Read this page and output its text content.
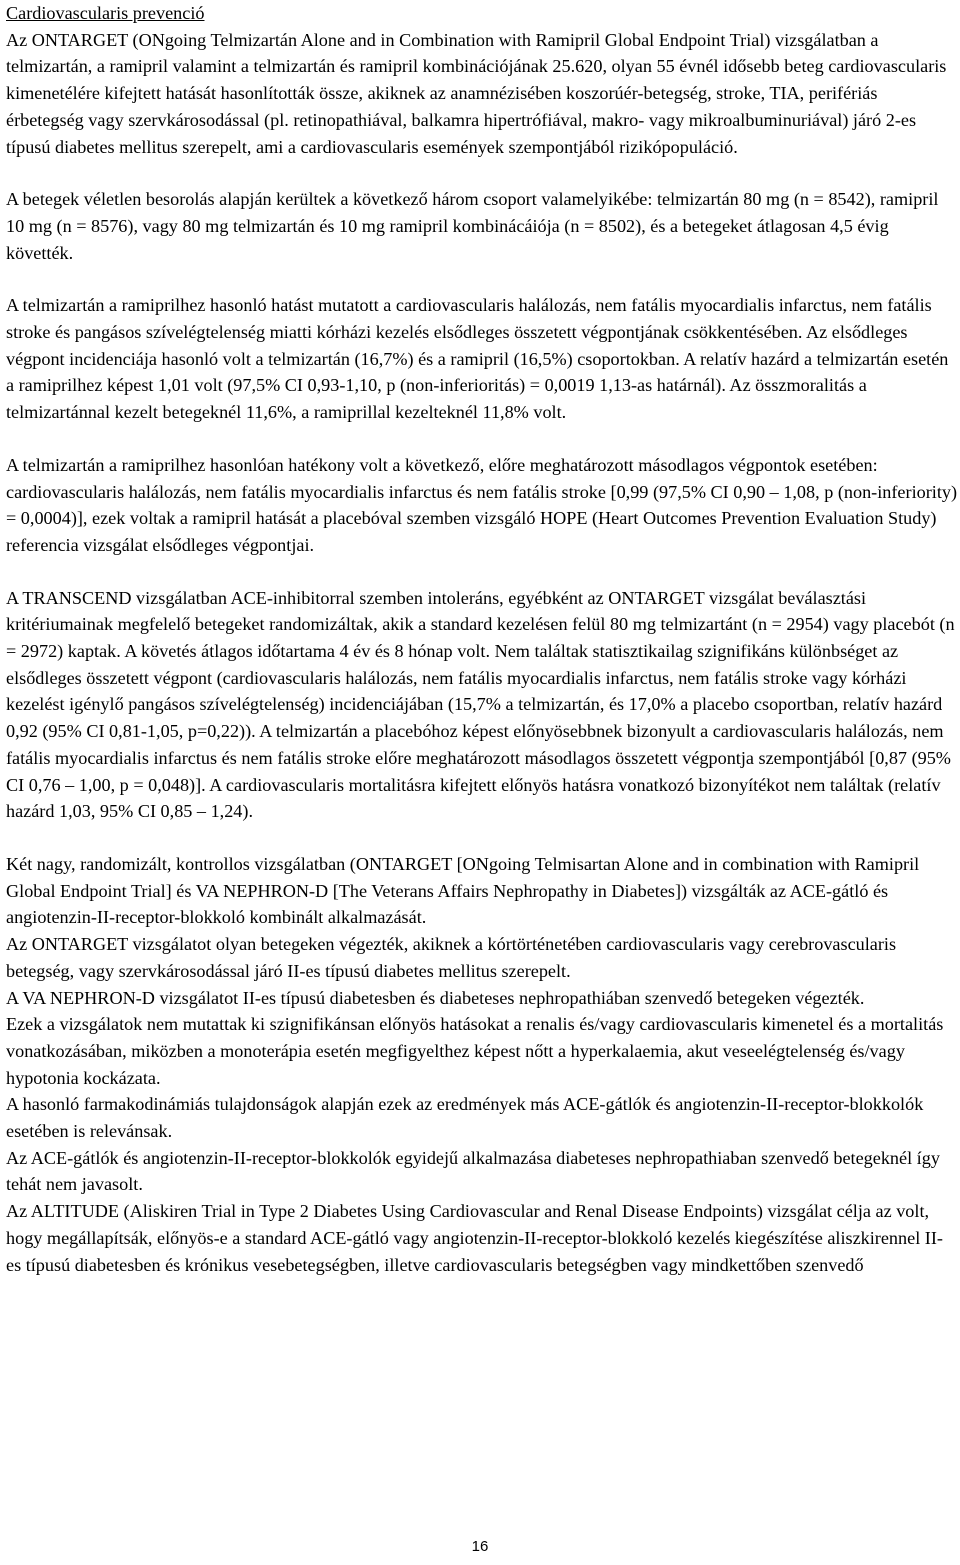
Cardiovascularis prevenció

Az ONTARGET (ONgoing Telmizartán Alone and in Combination with Ramipril Global Endpoint Trial) vizsgálatban a telmizartán, a ramipril valamint a telmizartán és ramipril kombinációjának 25.620, olyan 55 évnél idősebb beteg cardiovascularis kimenetélére kifejtett hatását hasonlították össze, akiknek az anamnézisében koszorúér-betegség, stroke, TIA, perifériás érbetegség vagy szervkárosodással (pl. retinopathiával, balkamra hipertrófiával, makro- vagy mikroalbuminuriával) járó 2-es típusú diabetes mellitus szerepelt, ami a cardiovascularis események szempontjából rizikópopuláció.

A betegek véletlen besorolás alapján kerültek a következő három csoport valamelyikébe: telmizartán 80 mg (n = 8542), ramipril 10 mg (n = 8576), vagy 80 mg telmizartán és 10 mg ramipril kombinácáiója (n = 8502), és a betegeket átlagosan 4,5 évig követték.

A telmizartán a ramiprilhez hasonló hatást mutatott a cardiovascularis halálozás, nem fatális myocardialis infarctus, nem fatális stroke és pangásos szívelégtelenség miatti kórházi kezelés elsődleges összetett végpontjának csökkentésében. Az elsődleges végpont incidenciája hasonló volt a telmizartán (16,7%) és a ramipril (16,5%) csoportokban. A relatív hazárd a telmizartán esetén a ramiprilhez képest 1,01 volt (97,5% CI 0,93-1,10, p (non-inferioritás) = 0,0019 1,13-as határnál). Az összmoralitás a telmizartánnal kezelt betegeknél 11,6%, a ramiprillal kezelteknél 11,8% volt.

A telmizartán a ramiprilhez hasonlóan hatékony volt a következő, előre meghatározott másodlagos végpontok esetében: cardiovascularis halálozás, nem fatális myocardialis infarctus és nem fatális stroke [0,99 (97,5% CI 0,90 – 1,08, p (non-inferiority) = 0,0004)], ezek voltak a ramipril hatását a placebóval szemben vizsgáló HOPE (Heart Outcomes Prevention Evaluation Study) referencia vizsgálat elsődleges végpontjai.

A TRANSCEND vizsgálatban ACE-inhibitorral szemben intoleráns, egyébként az ONTARGET vizsgálat beválasztási kritériumainak megfelelő betegeket randomizáltak, akik a standard kezelésen felül 80 mg telmizartánt (n = 2954) vagy placebót (n = 2972) kaptak. A követés átlagos időtartama 4 év és 8 hónap volt. Nem találtak statisztikailag szignifikáns különbséget az elsődleges összetett végpont (cardiovascularis halálozás, nem fatális myocardialis infarctus, nem fatális stroke vagy kórházi kezelést igénylő pangásos szívelégtelenség) incidenciájában (15,7% a telmizartán, és 17,0% a placebo csoportban, relatív hazárd 0,92 (95% CI 0,81-1,05, p=0,22)). A telmizartán a placebóhoz képest előnyösebbnek bizonyult a cardiovascularis halálozás, nem fatális myocardialis infarctus és nem fatális stroke előre meghatározott másodlagos összetett végpontja szempontjából [0,87 (95% CI 0,76 – 1,00, p = 0,048)]. A cardiovascularis mortalitásra kifejtett előnyös hatásra vonatkozó bizonyítékot nem találtak (relatív hazárd 1,03, 95% CI 0,85 – 1,24).

Két nagy, randomizált, kontrollos vizsgálatban (ONTARGET [ONgoing Telmisartan Alone and in combination with Ramipril Global Endpoint Trial] és VA NEPHRON-D [The Veterans Affairs Nephropathy in Diabetes]) vizsgálták az ACE-gátló és angiotenzin-II-receptor-blokkoló kombinált alkalmazását.

Az ONTARGET vizsgálatot olyan betegeken végezték, akiknek a kórtörténetében cardiovascularis vagy cerebrovascularis betegség, vagy szervkárosodással járó II-es típusú diabetes mellitus szerepelt.

A VA NEPHRON-D vizsgálatot II-es típusú diabetesben és diabeteses nephropathiában szenvedő betegeken végezték.

Ezek a vizsgálatok nem mutattak ki szignifikánsan előnyös hatásokat a renalis és/vagy cardiovascularis kimenetel és a mortalitás vonatkozásában, miközben a monoterápia esetén megfigyelthez képest nőtt a hyperkalaemia, akut veseelégtelenség és/vagy hypotonia kockázata.

A hasonló farmakodinámiás tulajdonságok alapján ezek az eredmények más ACE-gátlók és angiotenzin-II-receptor-blokkolók esetében is relevánsak.

Az ACE-gátlók és angiotenzin-II-receptor-blokkolók egyidejű alkalmazása diabeteses nephropathiaban szenvedő betegeknél így tehát nem javasolt.

Az ALTITUDE (Aliskiren Trial in Type 2 Diabetes Using Cardiovascular and Renal Disease Endpoints) vizsgálat célja az volt, hogy megállapítsák, előnyös-e a standard ACE-gátló vagy angiotenzin-II-receptor-blokkoló kezelés kiegészítése aliszkirennel II-es típusú diabetesben és krónikus vesebetegségben, illetve cardiovascularis betegségben vagy mindkettőben szenvedő

16
